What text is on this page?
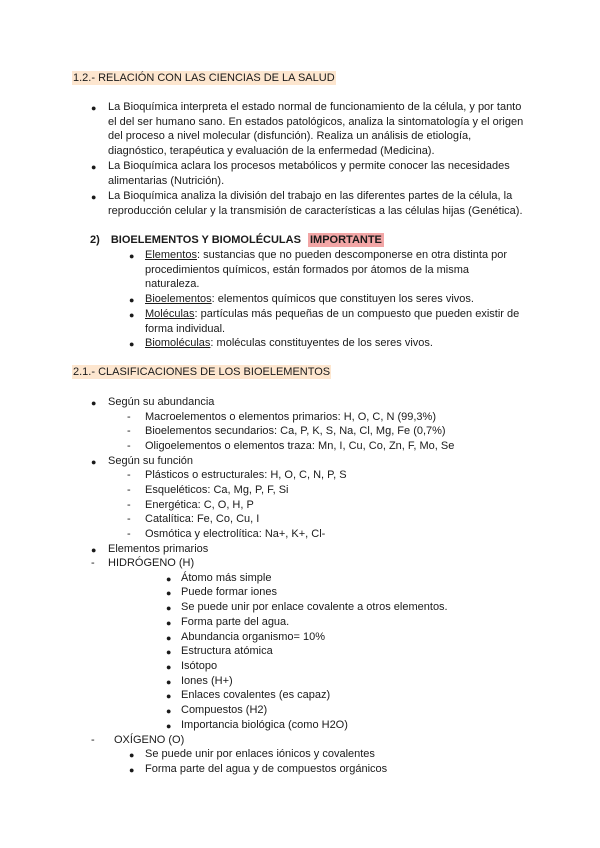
1.2.- RELACIÓN CON LAS CIENCIAS DE LA SALUD
● La Bioquímica interpreta el estado normal de funcionamiento de la célula, y por tanto
el del ser humano sano. En estados patológicos, analiza la sintomatología y el origen
del proceso a nivel molecular (disfunción). Realiza un análisis de etiología,
diagnóstico, terapéutica y evaluación de la enfermedad (Medicina).
● La Bioquímica aclara los procesos metabólicos y permite conocer las necesidades
alimentarias (Nutrición).
● La Bioquímica analiza la división del trabajo en las diferentes partes de la célula, la
reproducción celular y la transmisión de características a las células hijas (Genética).
2) BIOELEMENTOS Y BIOMOLÉCULAS IMPORTANTE
● Elementos: sustancias que no pueden descomponerse en otra distinta por
procedimientos químicos, están formados por átomos de la misma
naturaleza.
● Bioelementos: elementos químicos que constituyen los seres vivos.
● Moléculas: partículas más pequeñas de un compuesto que pueden existir de
forma individual.
● Biomoléculas: moléculas constituyentes de los seres vivos.
2.1.- CLASIFICACIONES DE LOS BIOELEMENTOS
● Según su abundancia
- Macroelementos o elementos primarios: H, O, C, N (99,3%)
- Bioelementos secundarios: Ca, P, K, S, Na, Cl, Mg, Fe (0,7%)
- Oligoelementos o elementos traza: Mn, I, Cu, Co, Zn, F, Mo, Se
● Según su función
- Plásticos o estructurales: H, O, C, N, P, S
- Esqueléticos: Ca, Mg, P, F, Si
- Energética: C, O, H, P
- Catalítica: Fe, Co, Cu, I
- Osmótica y electrolítica: Na+, K+, Cl-
● Elementos primarios
- HIDRÓGENO (H)
● Átomo más simple
● Puede formar iones
● Se puede unir por enlace covalente a otros elementos.
● Forma parte del agua.
● Abundancia organismo= 10%
● Estructura atómica
● Isótopo
● Iones (H+)
● Enlaces covalentes (es capaz)
● Compuestos (H2)
● Importancia biológica (como H2O)
- OXÍGENO (O)
● Se puede unir por enlaces iónicos y covalentes
● Forma parte del agua y de compuestos orgánicos
